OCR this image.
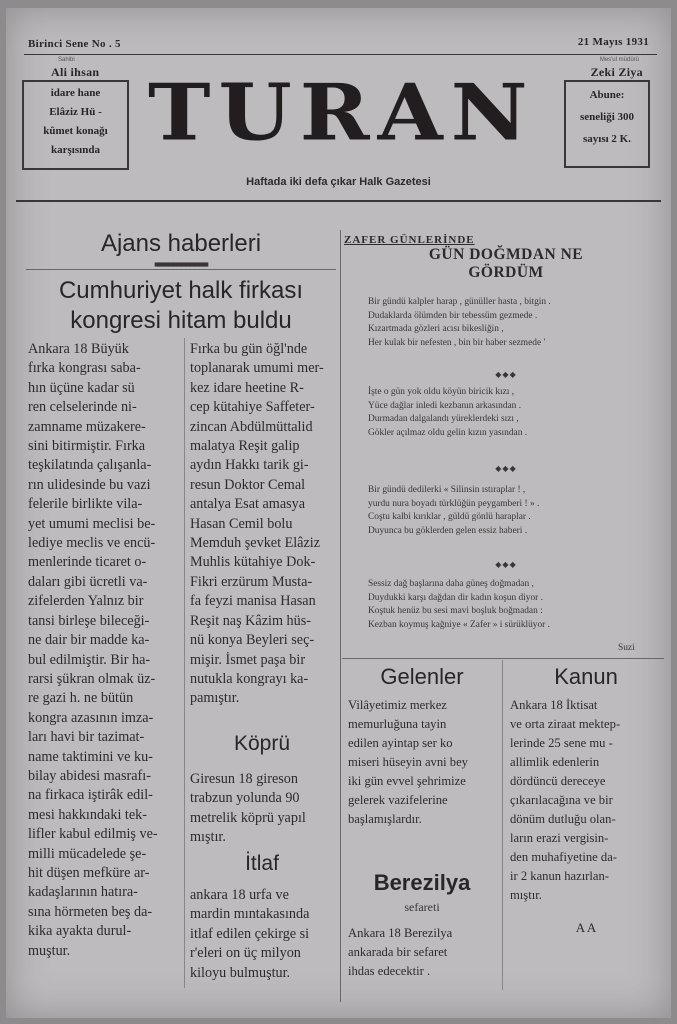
Birinci Sene No . 5	21 Mayıs 1931
Sahibi
Ali ihsan
Mes'ul müdürü
Zeki Ziya
idare hane
Elâziz Hü -
kûmet konağı
karşısında
Abune:
seneliği 300
sayısı 2 K.
TURAN
Haftada iki defa çıkar Halk Gazetesi
Ajans haberleri
▀▀▀▀▀▀▀▀▀▀▀▀
Cumhuriyet halk firkası
kongresi hitam buldu
Ankara 18 Büyük
fırka kongrası saba-
hın üçüne kadar sü
ren celselerinde ni-
zamname müzakere-
sini bitirmiştir. Fırka
teşkilatında çalışanla-
rın ulidesinde bu vazi
felerile birlikte vila-
yet umumi meclisi be-
lediye meclis ve encü-
menlerinde ticaret o-
daları gibi ücretli va-
zifelerden Yalnız bir
tansi birleşe bileceği-
ne dair bir madde ka-
bul edilmiştir. Bir ha-
rarsi şükran olmak üz-
re gazi h. ne bütün
kongra azasının imza-
ları havi bir tazimat-
name taktimini ve ku-
bilay abidesi masrafı-
na firkaca iştirâk edil-
mesi hakkındaki tek-
lifler kabul edilmiş ve-
milli mücadelede şe-
hit düşen mefküre ar-
kadaşlarının hatıra-
sına hörmeten beş da-
kika ayakta durul-
muştur.
Fırka bu gün öğl'nde
toplanarak umumi mer-
kez idare heetine R-
cep kütahiye Saffeter-
zincan Abdülmüttalid
malatya Reşit galip
aydın Hakkı tarik gi-
resun Doktor Cemal
antalya Esat amasya
Hasan Cemil bolu
Memduh şevket Elâziz
Muhlis kütahiye Dok-
Fikri erzürum Musta-
fa feyzi manisa Hasan
Reşit naş Kâzim hüs-
nü konya Beyleri seç-
mişir. İsmet paşa bir
nutukla kongrayı ka-
pamıştır.
Köprü
Giresun 18 gireson
trabzun yolunda 90
metrelik köprü yapıl
mıştır.
İtlaf
ankara 18 urfa ve
mardin mıntakasında
itlaf edilen çekirge si
r'eleri on üç milyon
kiloyu bulmuştur.
ZAFER GÜNLERİNDE
GÜN DOĞMDAN NE
GÖRDÜM
Bir gündü kalpler harap , günüller hasta , bitgin .
Dudaklarda ölümden bir tebessüm gezmede .
Kızartmada gözleri acısı bikesliğin ,
Her kulak bir nefesten , bin bir haber sezmede '
◆◆◆
İşte o gün yok oldu köyün biricik kızı ,
Yüce dağlar inledi kezbanın arkasından .
Durmadan dalgalandı yüreklerdeki sızı ,
Gökler açılmaz oldu gelin kızın yasından .
◆◆◆
Bir gündü dedilerki « Silinsin ıstıraplar ! ,
yurdu nura boyadı türklüğün peygamberi ! » .
Coştu kalbi kırıklar , güldü gönlü haraplar .
Duyunca bu göklerden gelen essiz haberi .
◆◆◆
Sessiz dağ başlarına daha güneş doğmadan ,
Duydukki karşı dağdan dir kadın koşun diyor .
Koştuk henüz bu sesi mavi boşluk boğmadan :
Kezban koymuş kağniye « Zafer » i sürüklüyor .
Suzi
Gelenler
Vilâyetimiz merkez
memurluğuna tayin
edilen ayintap ser ko
miseri hüseyin avni bey
iki gün evvel şehrimize
gelerek vazifelerine
başlamışlardır.
Kanun
Ankara 18 İktisat
ve orta ziraat mektep-
lerinde 25 sene mu -
allimlik edenlerin
dördüncü dereceye
çıkarılacağına ve bir
dönüm dutluğu olan-
ların erazi vergisin-
den muhafiyetine da-
ir 2 kanun hazırlan-
mıştır.
A A
Berezilya
sefareti
Ankara 18 Berezilya
ankarada bir sefaret
ihdas edecektir .
